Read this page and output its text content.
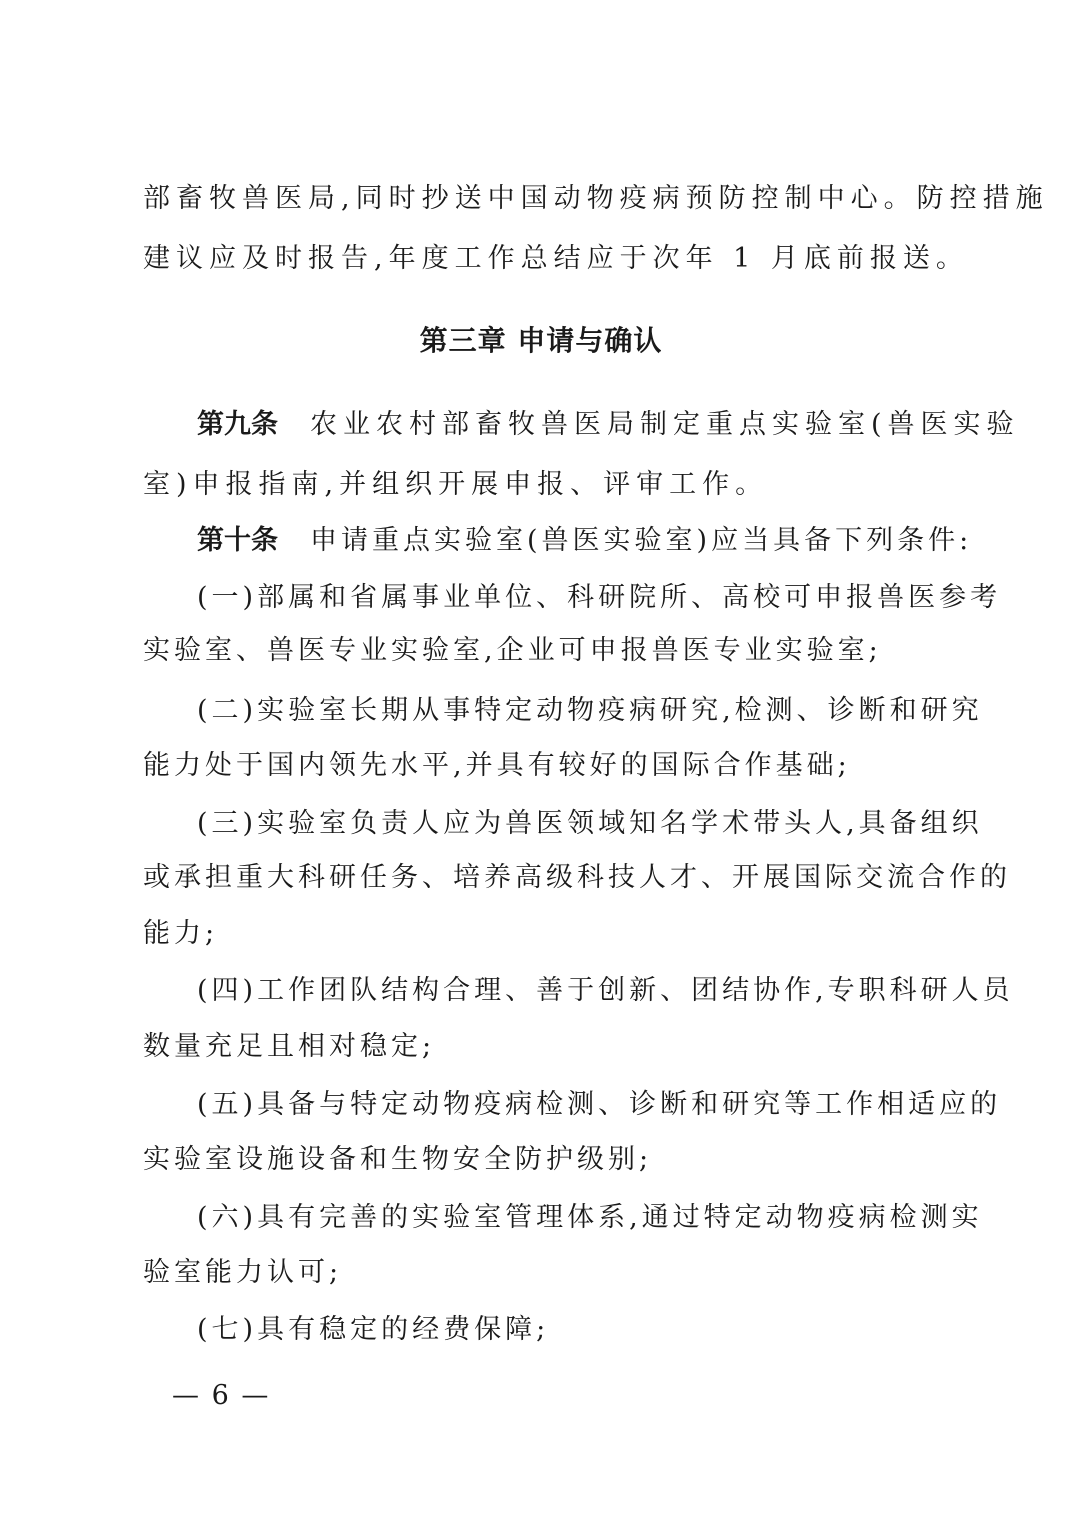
部畜牧兽医局,同时抄送中国动物疫病预防控制中心。防控措施
建议应及时报告,年度工作总结应于次年 1 月底前报送。
第三章 申请与确认
第九条 农业农村部畜牧兽医局制定重点实验室(兽医实验
室)申报指南,并组织开展申报、评审工作。
第十条 申请重点实验室(兽医实验室)应当具备下列条件:
(一)部属和省属事业单位、科研院所、高校可申报兽医参考
实验室、兽医专业实验室,企业可申报兽医专业实验室;
(二)实验室长期从事特定动物疫病研究,检测、诊断和研究
能力处于国内领先水平,并具有较好的国际合作基础;
(三)实验室负责人应为兽医领域知名学术带头人,具备组织
或承担重大科研任务、培养高级科技人才、开展国际交流合作的
能力;
(四)工作团队结构合理、善于创新、团结协作,专职科研人员
数量充足且相对稳定;
(五)具备与特定动物疫病检测、诊断和研究等工作相适应的
实验室设施设备和生物安全防护级别;
(六)具有完善的实验室管理体系,通过特定动物疫病检测实
验室能力认可;
(七)具有稳定的经费保障;
— 6 —
